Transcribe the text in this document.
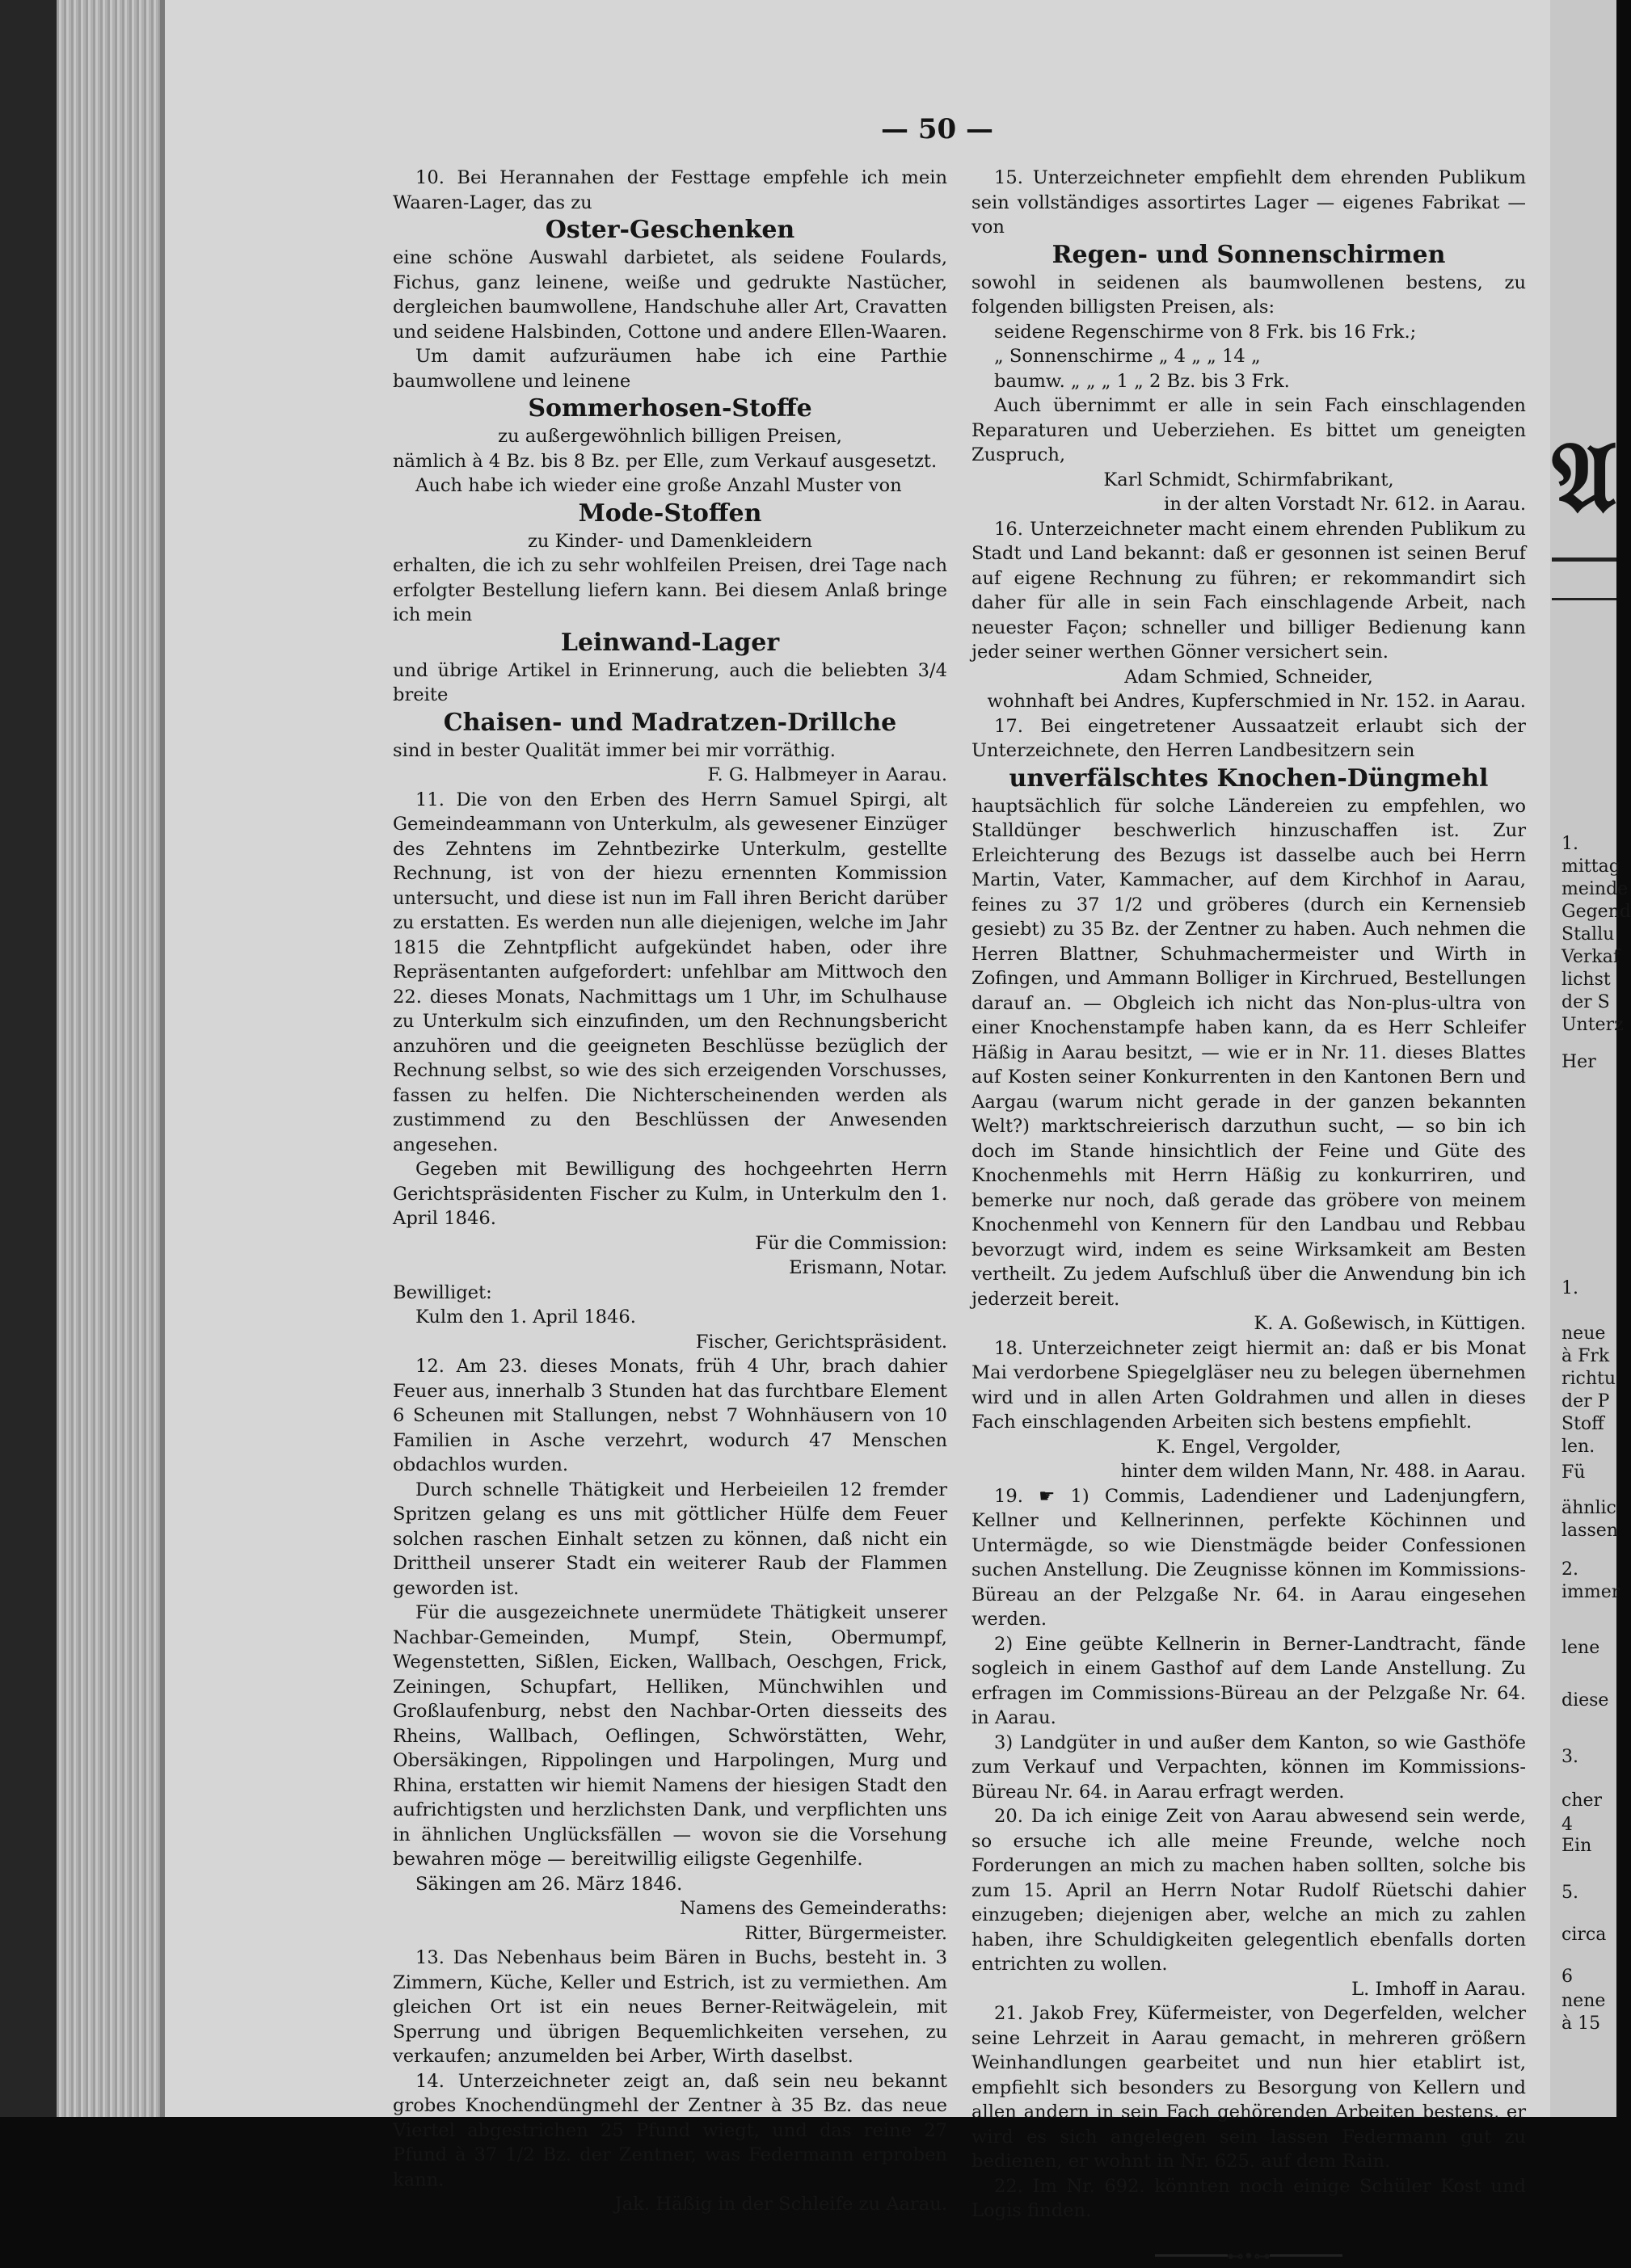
— 50 —

10. Bei Herannahen der Festtage empfehle ich mein Waaren-Lager, das zu

Oster-Geschenken

eine schöne Auswahl darbietet, als seidene Foulards, Fichus, ganz leinene, weiße und gedrukte Nastücher, dergleichen baumwollene, Handschuhe aller Art, Cravatten und seidene Halsbinden, Cottone und andere Ellen-Waaren.

Um damit aufzuräumen habe ich eine Parthie baumwollene und leinene

Sommerhosen-Stoffe

zu außergewöhnlich billigen Preisen,

nämlich à 4 Bz. bis 8 Bz. per Elle, zum Verkauf ausgesetzt.

Auch habe ich wieder eine große Anzahl Muster von

Mode-Stoffen

zu Kinder- und Damenkleidern

erhalten, die ich zu sehr wohlfeilen Preisen, drei Tage nach erfolgter Bestellung liefern kann. Bei diesem Anlaß bringe ich mein

Leinwand-Lager

und übrige Artikel in Erinnerung, auch die beliebten 3/4 breite

Chaisen- und Madratzen-Drillche

sind in bester Qualität immer bei mir vorräthig.

F. G. Halbmeyer in Aarau.

11. Die von den Erben des Herrn Samuel Spirgi, alt Gemeindeammann von Unterkulm, als gewesener Einzüger des Zehntens im Zehntbezirke Unterkulm, gestellte Rechnung, ist von der hiezu ernennten Kommission untersucht, und diese ist nun im Fall ihren Bericht darüber zu erstatten. Es werden nun alle diejenigen, welche im Jahr 1815 die Zehntpflicht aufgekündet haben, oder ihre Repräsentanten aufgefordert: unfehlbar am Mittwoch den 22. dieses Monats, Nachmittags um 1 Uhr, im Schulhause zu Unterkulm sich einzufinden, um den Rechnungsbericht anzuhören und die geeigneten Beschlüsse bezüglich der Rechnung selbst, so wie des sich erzeigenden Vorschusses, fassen zu helfen. Die Nichterscheinenden werden als zustimmend zu den Beschlüssen der Anwesenden angesehen.

Gegeben mit Bewilligung des hochgeehrten Herrn Gerichtspräsidenten Fischer zu Kulm, in Unterkulm den 1. April 1846.

Für die Commission:

Erismann, Notar.

Bewilliget:

Kulm den 1. April 1846.

Fischer, Gerichtspräsident.

12. Am 23. dieses Monats, früh 4 Uhr, brach dahier Feuer aus, innerhalb 3 Stunden hat das furchtbare Element 6 Scheunen mit Stallungen, nebst 7 Wohnhäusern von 10 Familien in Asche verzehrt, wodurch 47 Menschen obdachlos wurden.

Durch schnelle Thätigkeit und Herbeieilen 12 fremder Spritzen gelang es uns mit göttlicher Hülfe dem Feuer solchen raschen Einhalt setzen zu können, daß nicht ein Drittheil unserer Stadt ein weiterer Raub der Flammen geworden ist.

Für die ausgezeichnete unermüdete Thätigkeit unserer Nachbar-Gemeinden, Mumpf, Stein, Obermumpf, Wegenstetten, Sißlen, Eicken, Wallbach, Oeschgen, Frick, Zeiningen, Schupfart, Helliken, Münchwihlen und Großlaufenburg, nebst den Nachbar-Orten diesseits des Rheins, Wallbach, Oeflingen, Schwörstätten, Wehr, Obersäkingen, Rippolingen und Harpolingen, Murg und Rhina, erstatten wir hiemit Namens der hiesigen Stadt den aufrichtigsten und herzlichsten Dank, und verpflichten uns in ähnlichen Unglücksfällen — wovon sie die Vorsehung bewahren möge — bereitwillig eiligste Gegenhilfe.

Säkingen am 26. März 1846.

Namens des Gemeinderaths:

Ritter, Bürgermeister.

13. Das Nebenhaus beim Bären in Buchs, besteht in. 3 Zimmern, Küche, Keller und Estrich, ist zu vermiethen. Am gleichen Ort ist ein neues Berner-Reitwägelein, mit Sperrung und übrigen Bequemlichkeiten versehen, zu verkaufen; anzumelden bei Arber, Wirth daselbst.

14. Unterzeichneter zeigt an, daß sein neu bekannt grobes Knochendüngmehl der Zentner à 35 Bz. das neue Viertel abgestrichen 25 Pfund wiegt, und das reine 27 Pfund à 37 1/2 Bz. der Zentner, was Federmann erproben kann.

Jak. Häßig in der Schleife zu Aarau.

15. Unterzeichneter empfiehlt dem ehrenden Publikum sein vollständiges assortirtes Lager — eigenes Fabrikat — von

Regen- und Sonnenschirmen

sowohl in seidenen als baumwollenen bestens, zu folgenden billigsten Preisen, als:

seidene Regenschirme von 8 Frk. bis 16 Frk.;

„ Sonnenschirme „ 4 „ „ 14 „

baumw. „ „ „ 1 „ 2 Bz. bis 3 Frk.

Auch übernimmt er alle in sein Fach einschlagenden Reparaturen und Ueberziehen. Es bittet um geneigten Zuspruch,

Karl Schmidt, Schirmfabrikant,

in der alten Vorstadt Nr. 612. in Aarau.

16. Unterzeichneter macht einem ehrenden Publikum zu Stadt und Land bekannt: daß er gesonnen ist seinen Beruf auf eigene Rechnung zu führen; er rekommandirt sich daher für alle in sein Fach einschlagende Arbeit, nach neuester Façon; schneller und billiger Bedienung kann jeder seiner werthen Gönner versichert sein.

Adam Schmied, Schneider,

wohnhaft bei Andres, Kupferschmied in Nr. 152. in Aarau.

17. Bei eingetretener Aussaatzeit erlaubt sich der Unterzeichnete, den Herren Landbesitzern sein

unverfälschtes Knochen-Düngmehl

hauptsächlich für solche Ländereien zu empfehlen, wo Stalldünger beschwerlich hinzuschaffen ist. Zur Erleichterung des Bezugs ist dasselbe auch bei Herrn Martin, Vater, Kammacher, auf dem Kirchhof in Aarau, feines zu 37 1/2 und gröberes (durch ein Kernensieb gesiebt) zu 35 Bz. der Zentner zu haben. Auch nehmen die Herren Blattner, Schuhmachermeister und Wirth in Zofingen, und Ammann Bolliger in Kirchrued, Bestellungen darauf an. — Obgleich ich nicht das Non-plus-ultra von einer Knochenstampfe haben kann, da es Herr Schleifer Häßig in Aarau besitzt, — wie er in Nr. 11. dieses Blattes auf Kosten seiner Konkurrenten in den Kantonen Bern und Aargau (warum nicht gerade in der ganzen bekannten Welt?) marktschreierisch darzuthun sucht, — so bin ich doch im Stande hinsichtlich der Feine und Güte des Knochenmehls mit Herrn Häßig zu konkurriren, und bemerke nur noch, daß gerade das gröbere von meinem Knochenmehl von Kennern für den Landbau und Rebbau bevorzugt wird, indem es seine Wirksamkeit am Besten vertheilt. Zu jedem Aufschluß über die Anwendung bin ich jederzeit bereit.

K. A. Goßewisch, in Küttigen.

18. Unterzeichneter zeigt hiermit an: daß er bis Monat Mai verdorbene Spiegelgläser neu zu belegen übernehmen wird und in allen Arten Goldrahmen und allen in dieses Fach einschlagenden Arbeiten sich bestens empfiehlt.

K. Engel, Vergolder,

hinter dem wilden Mann, Nr. 488. in Aarau.

19. ☛ 1) Commis, Ladendiener und Ladenjungfern, Kellner und Kellnerinnen, perfekte Köchinnen und Untermägde, so wie Dienstmägde beider Confessionen suchen Anstellung. Die Zeugnisse können im Kommissions-Büreau an der Pelzgaße Nr. 64. in Aarau eingesehen werden.

2) Eine geübte Kellnerin in Berner-Landtracht, fände sogleich in einem Gasthof auf dem Lande Anstellung. Zu erfragen im Commissions-Büreau an der Pelzgaße Nr. 64. in Aarau.

3) Landgüter in und außer dem Kanton, so wie Gasthöfe zum Verkauf und Verpachten, können im Kommissions-Büreau Nr. 64. in Aarau erfragt werden.

20. Da ich einige Zeit von Aarau abwesend sein werde, so ersuche ich alle meine Freunde, welche noch Forderungen an mich zu machen haben sollten, solche bis zum 15. April an Herrn Notar Rudolf Rüetschi dahier einzugeben; diejenigen aber, welche an mich zu zahlen haben, ihre Schuldigkeiten gelegentlich ebenfalls dorten entrichten zu wollen.

L. Imhoff in Aarau.

21. Jakob Frey, Küfermeister, von Degerfelden, welcher seine Lehrzeit in Aarau gemacht, in mehreren größern Weinhandlungen gearbeitet und nun hier etablirt ist, empfiehlt sich besonders zu Besorgung von Kellern und allen andern in sein Fach gehörenden Arbeiten bestens, er wird es sich angelegen sein lassen Federmann gut zu bedienen, er wohnt in Nr. 625. auf dem Rain.

22. Im Nr. 692. könnten noch einige Schüler Kost und Logis finden.

⊷•⊶
𝔄
1.
mittag
meinde
Gegend
Stallu
Verkaf
lichst
der S
Unterz
Her
1.
neue
à Frk
richtu
der P
Stoff
len.
Fü
ähnlic
lassen
2.
immer
lene
diese
3.
cher
4
Ein
5.
circa
6
nene
à 15
